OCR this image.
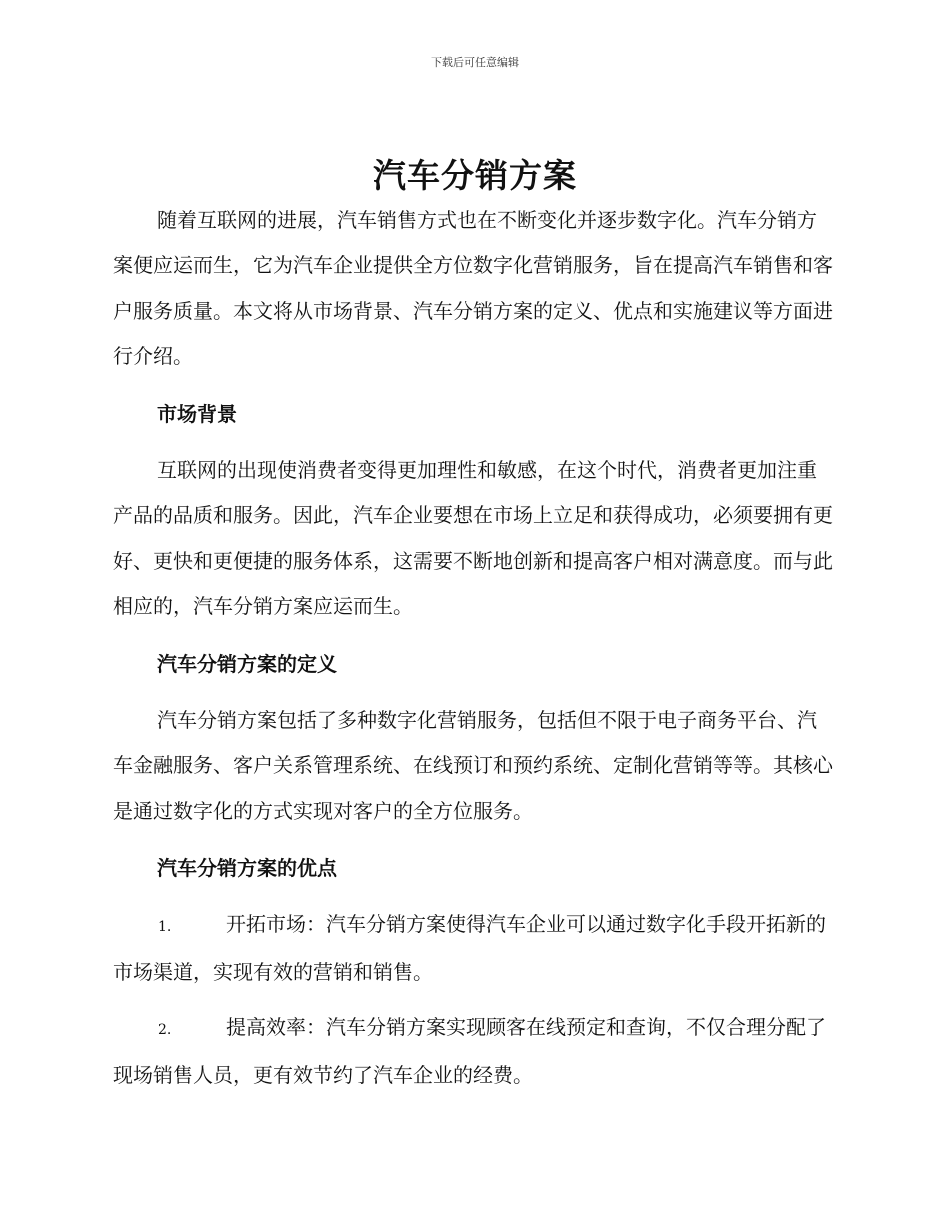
下载后可任意编辑
汽车分销方案

随着互联网的进展，汽车销售方式也在不断变化并逐步数字化。汽车分销方案便应运而生，它为汽车企业提供全方位数字化营销服务，旨在提高汽车销售和客户服务质量。本文将从市场背景、汽车分销方案的定义、优点和实施建议等方面进行介绍。

市场背景

互联网的出现使消费者变得更加理性和敏感，在这个时代，消费者更加注重产品的品质和服务。因此，汽车企业要想在市场上立足和获得成功，必须要拥有更好、更快和更便捷的服务体系，这需要不断地创新和提高客户相对满意度。而与此相应的，汽车分销方案应运而生。

汽车分销方案的定义

汽车分销方案包括了多种数字化营销服务，包括但不限于电子商务平台、汽车金融服务、客户关系管理系统、在线预订和预约系统、定制化营销等等。其核心是通过数字化的方式实现对客户的全方位服务。

汽车分销方案的优点

1.	开拓市场：汽车分销方案使得汽车企业可以通过数字化手段开拓新的市场渠道，实现有效的营销和销售。

2.	提高效率：汽车分销方案实现顾客在线预定和查询，不仅合理分配了现场销售人员，更有效节约了汽车企业的经费。
